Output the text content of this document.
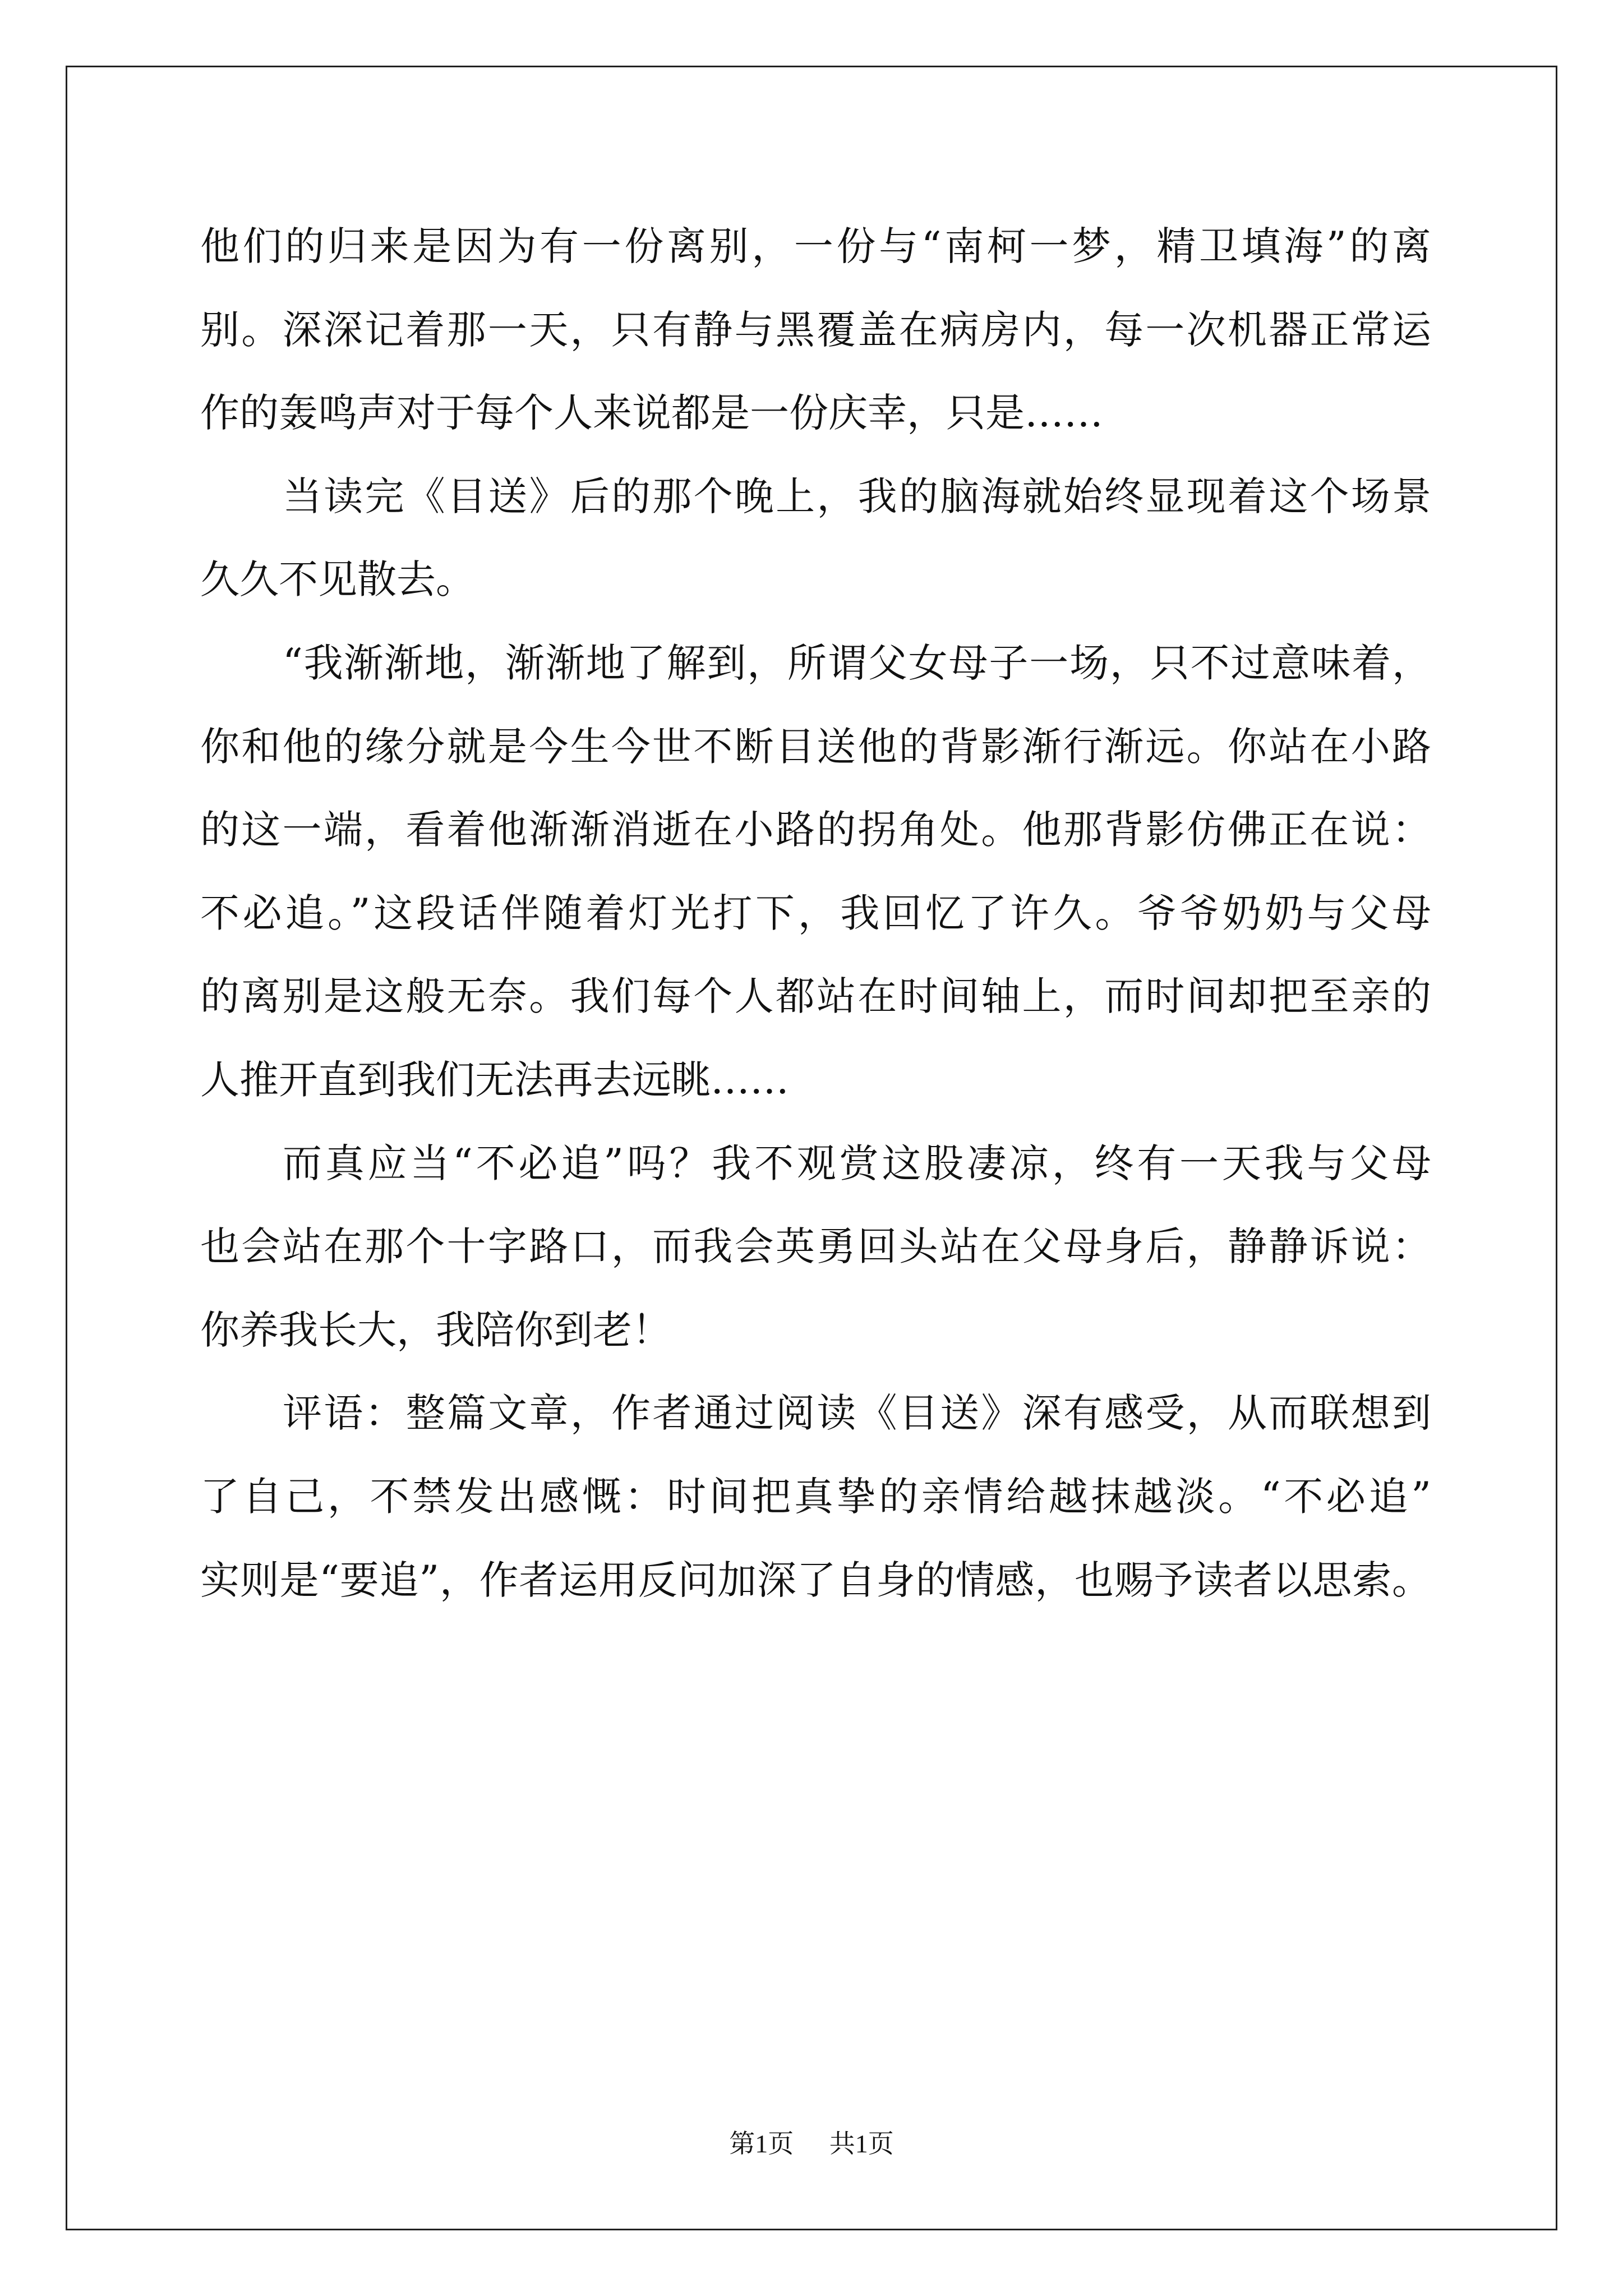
他们的归来是因为有一份离别，一份与“南柯一梦，精卫填海”的离
别。深深记着那一天，只有静与黑覆盖在病房内，每一次机器正常运
作的轰鸣声对于每个人来说都是一份庆幸，只是……
当读完《目送》后的那个晚上，我的脑海就始终显现着这个场景
久久不见散去。
“我渐渐地，渐渐地了解到，所谓父女母子一场，只不过意味着，
你和他的缘分就是今生今世不断目送他的背影渐行渐远。你站在小路
的这一端，看着他渐渐消逝在小路的拐角处。他那背影仿佛正在说：
不必追。”这段话伴随着灯光打下，我回忆了许久。爷爷奶奶与父母
的离别是这般无奈。我们每个人都站在时间轴上，而时间却把至亲的
人推开直到我们无法再去远眺……
而真应当“不必追”吗？我不观赏这股凄凉，终有一天我与父母
也会站在那个十字路口，而我会英勇回头站在父母身后，静静诉说：
你养我长大，我陪你到老！
评语：整篇文章，作者通过阅读《目送》深有感受，从而联想到
了自己，不禁发出感慨：时间把真挚的亲情给越抹越淡。“不必追”
实则是“要追”，作者运用反问加深了自身的情感，也赐予读者以思索。
第1页 共1页
